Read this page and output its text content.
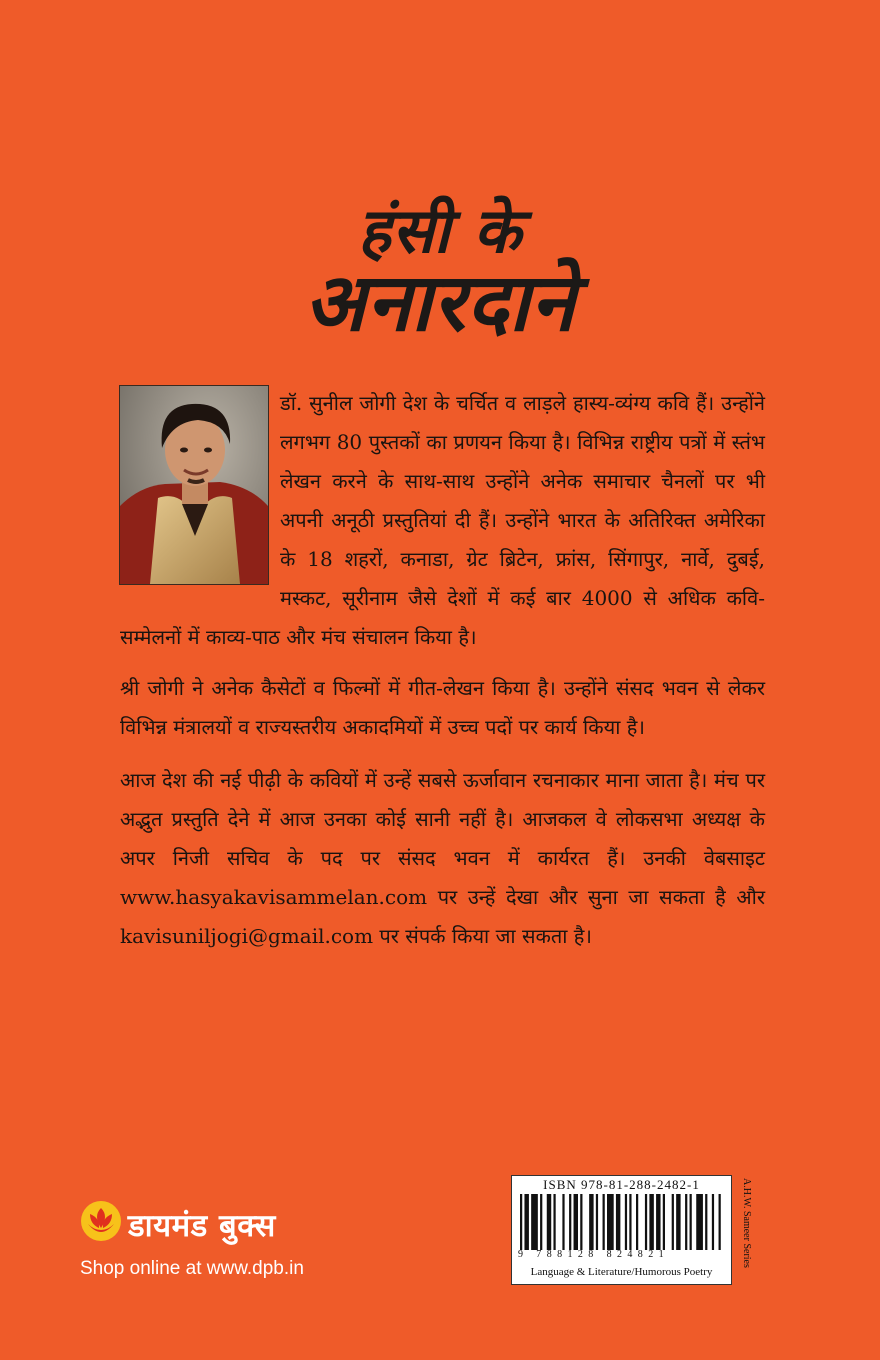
हंसी के
अनारदाने

डॉ. सुनील जोगी देश के चर्चित व लाड़ले हास्य-व्यंग्य कवि हैं। उन्होंने लगभग 80 पुस्तकों का प्रणयन किया है। विभिन्न राष्ट्रीय पत्रों में स्तंभ लेखन करने के साथ-साथ उन्होंने अनेक समाचार चैनलों पर भी अपनी अनूठी प्रस्तुतियां दी हैं। उन्होंने भारत के अतिरिक्त अमेरिका के 18 शहरों, कनाडा, ग्रेट ब्रिटेन, फ्रांस, सिंगापुर, नार्वे, दुबई, मस्कट, सूरीनाम जैसे देशों में कई बार 4000 से अधिक कवि-सम्मेलनों में काव्य-पाठ और मंच संचालन किया है।

श्री जोगी ने अनेक कैसेटों व फिल्मों में गीत-लेखन किया है। उन्होंने संसद भवन से लेकर विभिन्न मंत्रालयों व राज्यस्तरीय अकादमियों में उच्च पदों पर कार्य किया है।

आज देश की नई पीढ़ी के कवियों में उन्हें सबसे ऊर्जावान रचनाकार माना जाता है। मंच पर अद्भुत प्रस्तुति देने में आज उनका कोई सानी नहीं है। आजकल वे लोकसभा अध्यक्ष के अपर निजी सचिव के पद पर संसद भवन में कार्यरत हैं। उनकी वेबसाइट www.hasyakavisammelan.com पर उन्हें देखा और सुना जा सकता है और kavisuniljogi@gmail.com पर संपर्क किया जा सकता है।

ISBN 978-81-288-2482-1
9 788128 824821
Language & Literature/Humorous Poetry
A.H.W. Sameer Series
डायमंड बुक्स
Shop online at www.dpb.in
